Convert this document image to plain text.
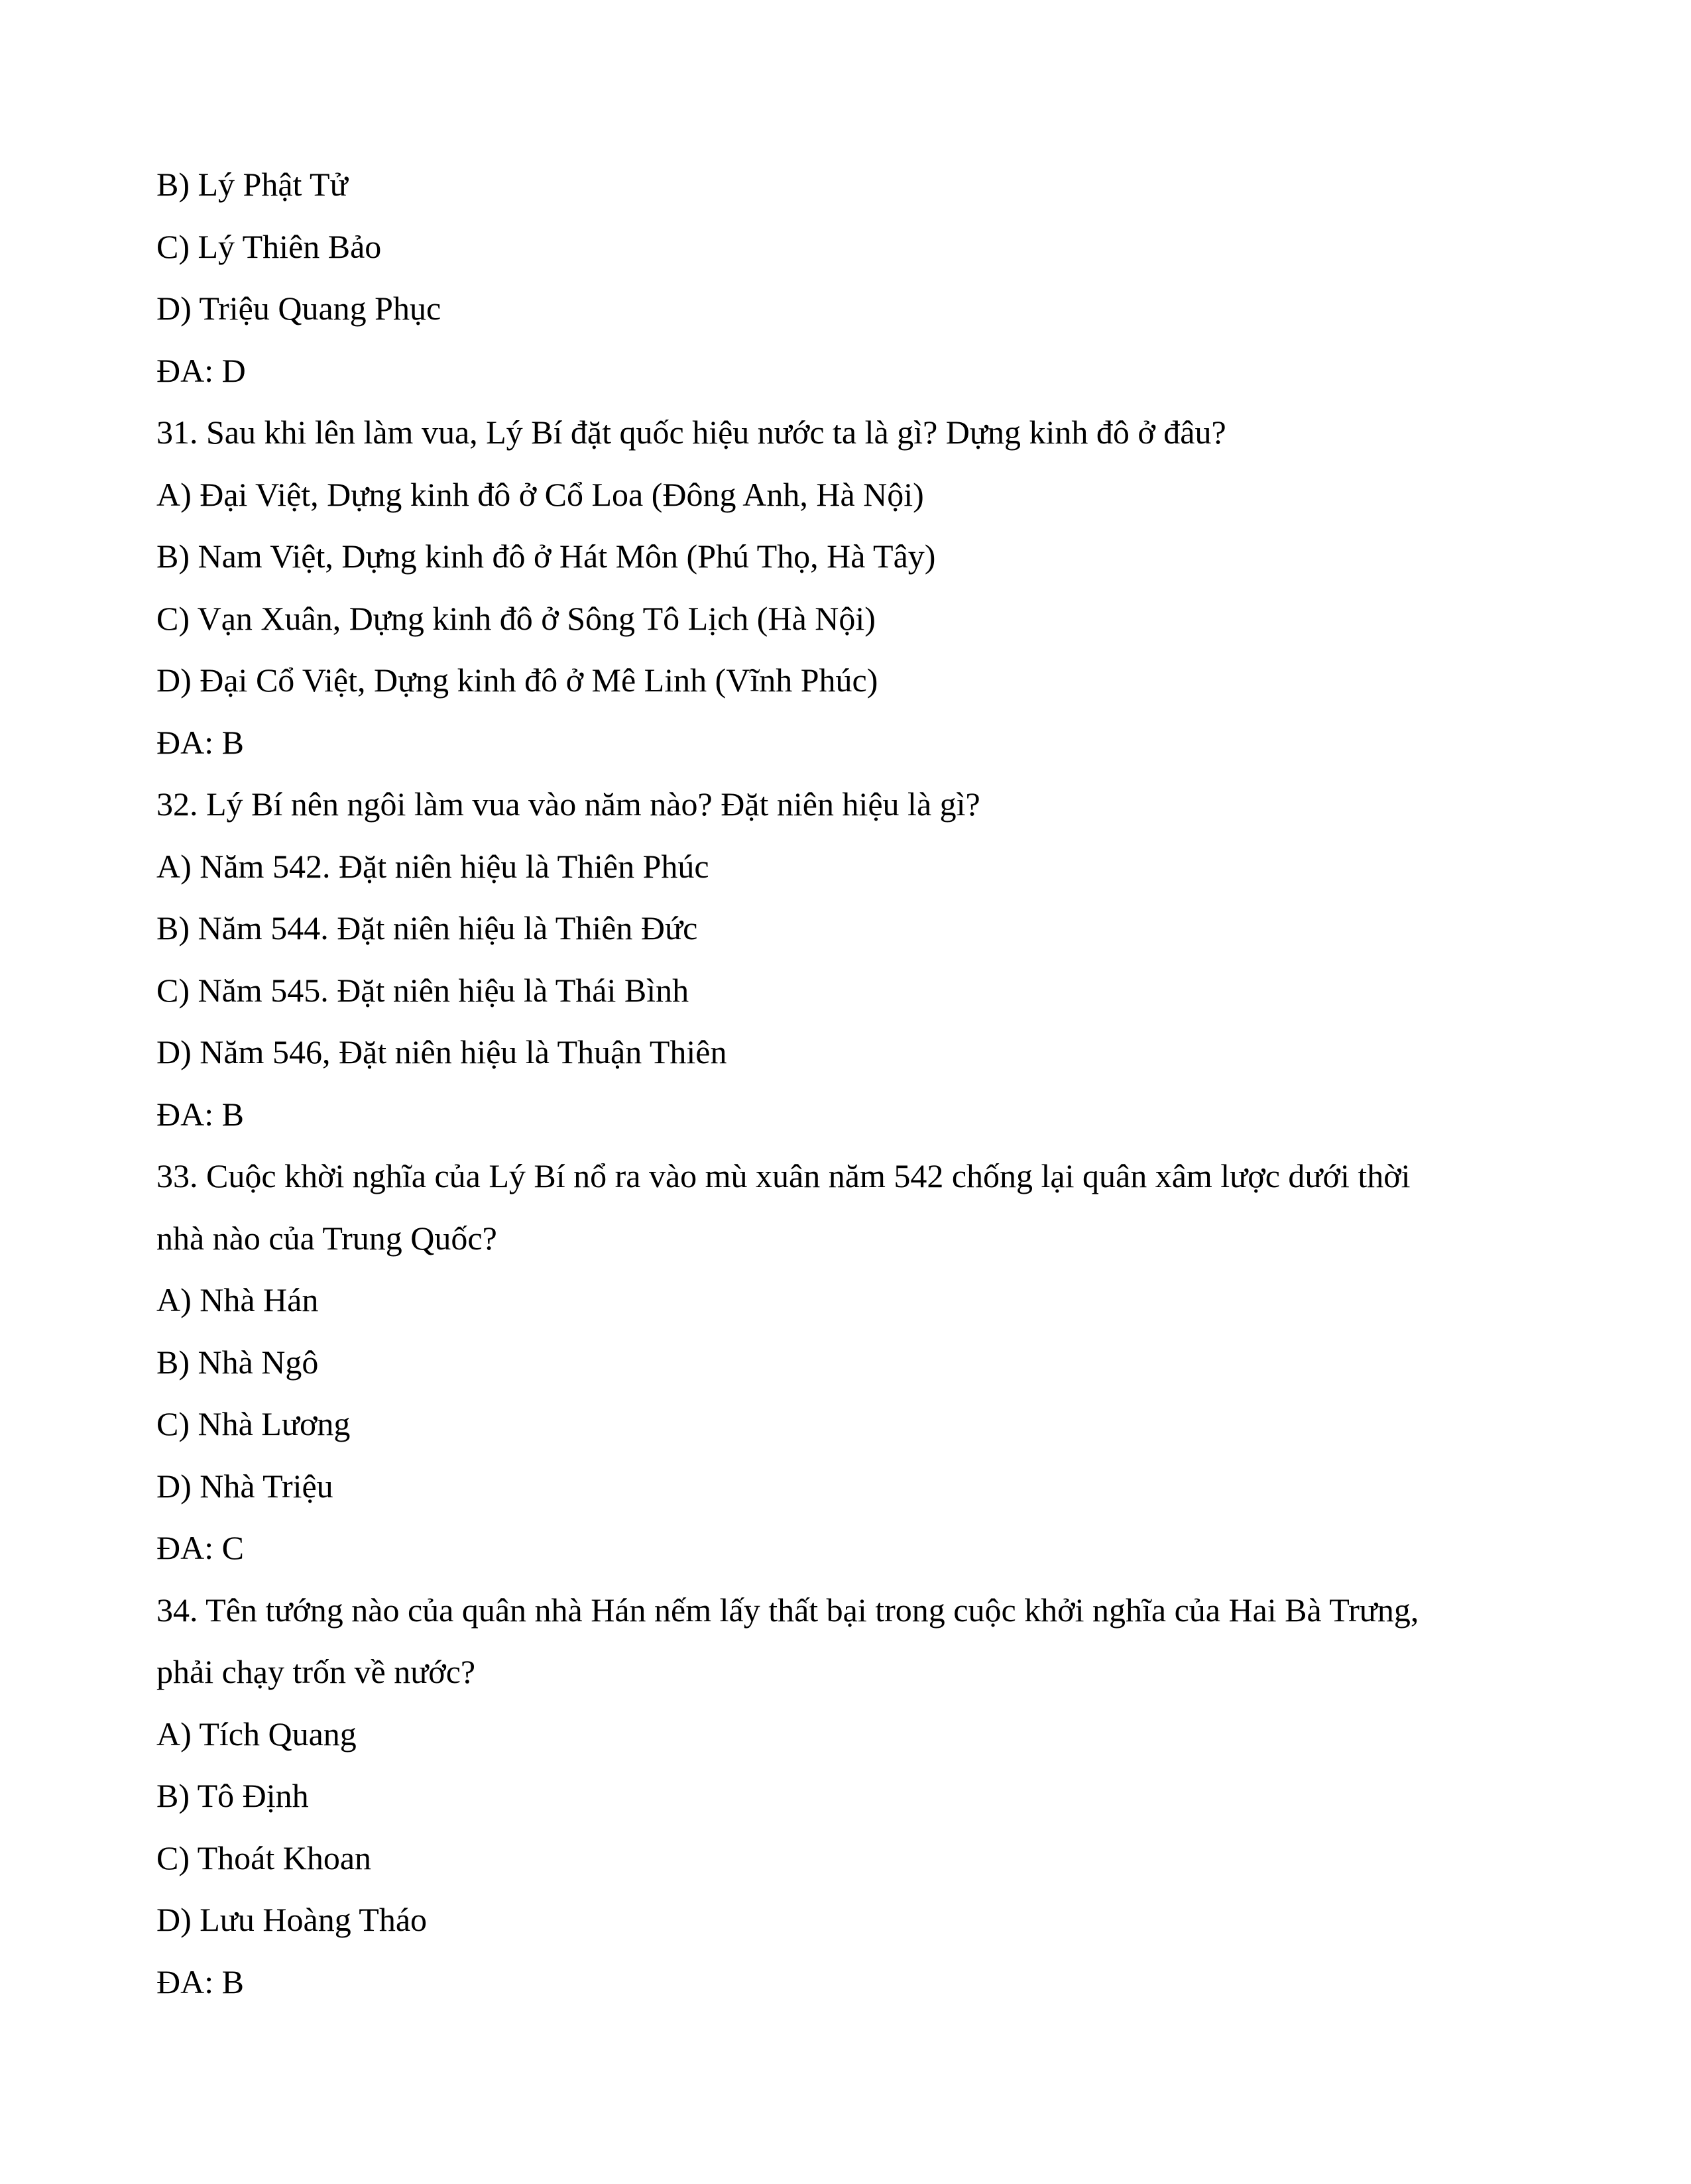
B) Lý Phật Tử

C) Lý Thiên Bảo

D) Triệu Quang Phục

ĐA: D

31. Sau khi lên làm vua, Lý Bí đặt quốc hiệu nước ta là gì? Dựng kinh đô ở đâu?

A) Đại Việt, Dựng kinh đô ở Cổ Loa (Đông Anh, Hà Nội)

B) Nam Việt, Dựng kinh đô ở Hát Môn (Phú Thọ, Hà Tây)

C) Vạn Xuân, Dựng kinh đô ở Sông Tô Lịch (Hà Nội)

D) Đại Cổ Việt, Dựng kinh đô ở Mê Linh (Vĩnh Phúc)

ĐA: B

32. Lý Bí nên ngôi làm vua vào năm nào? Đặt niên hiệu là gì?

A) Năm 542. Đặt niên hiệu là Thiên Phúc

B) Năm 544. Đặt niên hiệu là Thiên Đức

C) Năm 545. Đặt niên hiệu là Thái Bình

D) Năm 546, Đặt niên hiệu là Thuận Thiên

ĐA: B

33. Cuộc khời nghĩa của Lý Bí nổ ra vào mù xuân năm 542 chống lại quân xâm lược dưới thời

nhà nào của Trung Quốc?

A) Nhà Hán

B) Nhà Ngô

C) Nhà Lương

D) Nhà Triệu

ĐA: C

34. Tên tướng nào của quân nhà Hán nếm lấy thất bại trong cuộc khởi nghĩa của Hai Bà Trưng,

phải chạy trốn về nước?

A) Tích Quang

B) Tô Định

C) Thoát Khoan

D) Lưu Hoàng Tháo

ĐA: B
